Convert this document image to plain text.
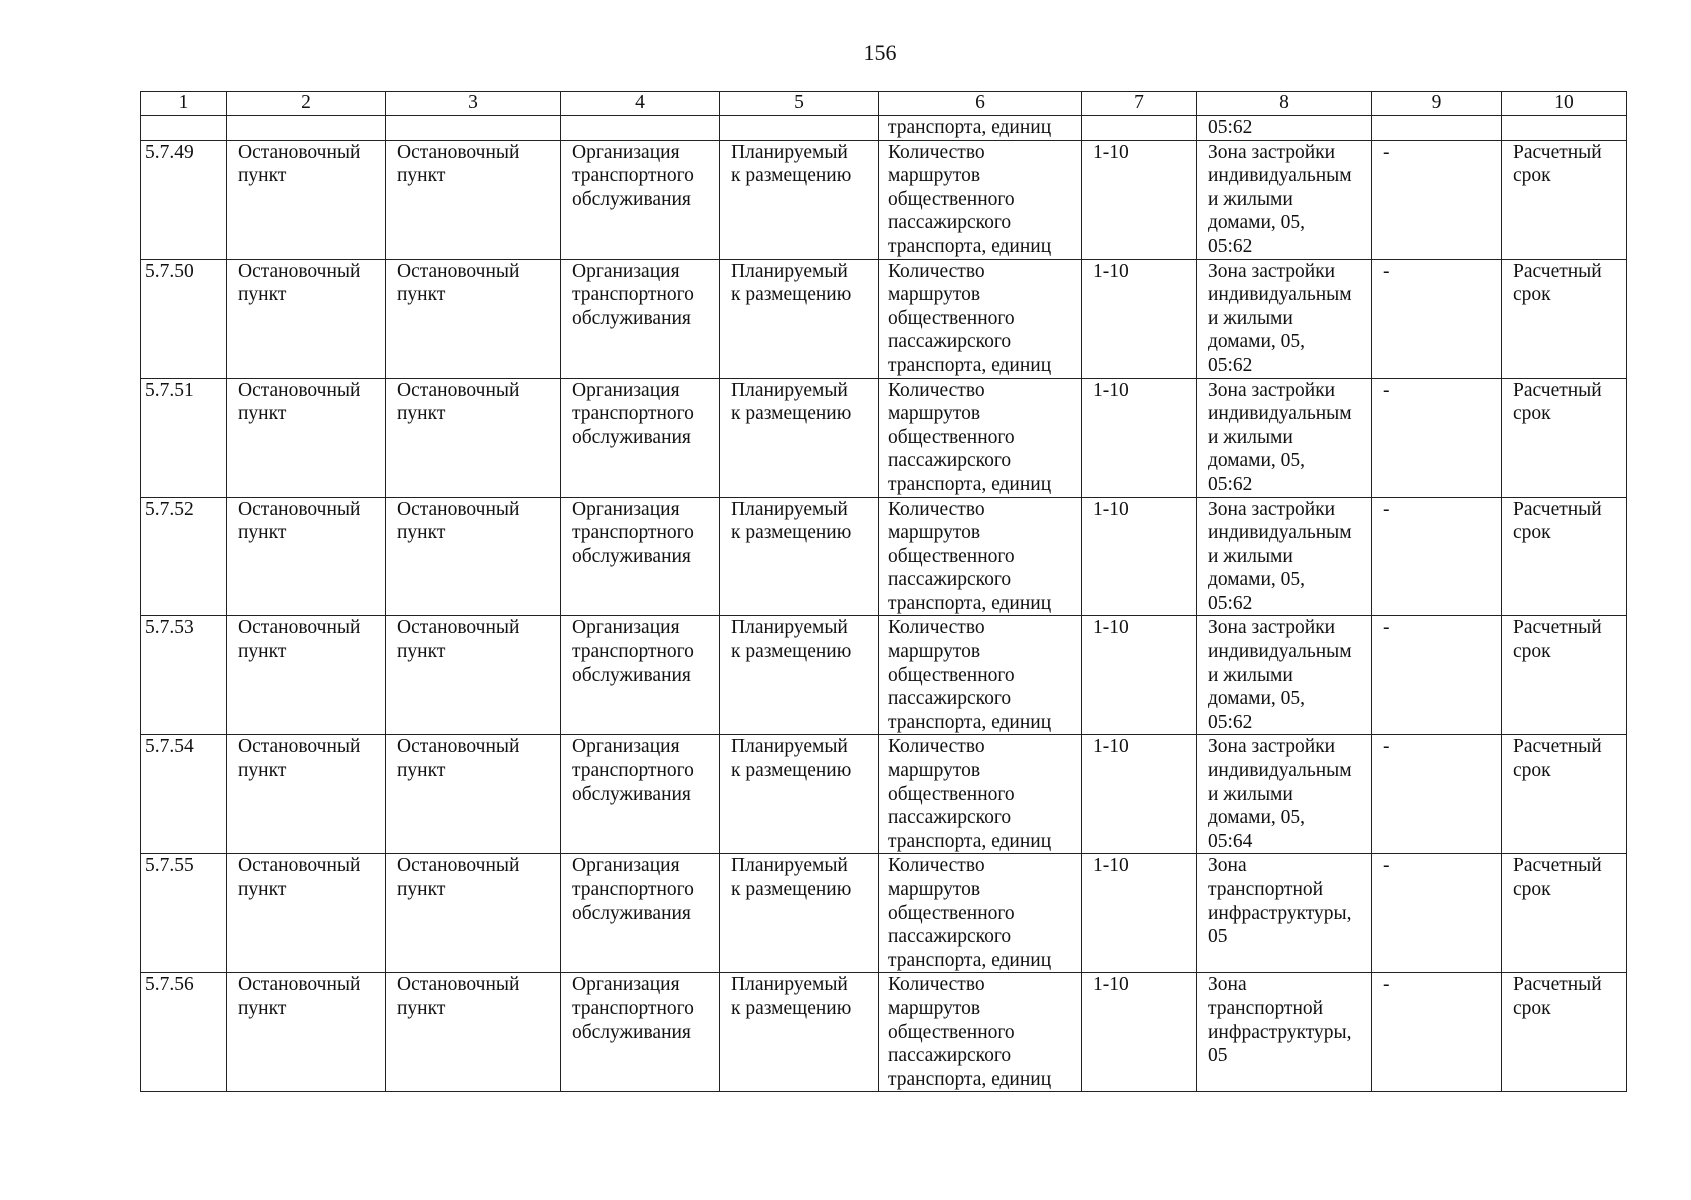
156
1	2	3	4	5	6	7	8	9	10
					транспорта, единиц		05:62		
5.7.49	Остановочный
пункт	Остановочный
пункт	Организация
транспортного
обслуживания	Планируемый
к размещению	Количество
маршрутов
общественного
пассажирского
транспорта, единиц	1-10	Зона застройки
индивидуальным
и жилыми
домами, 05,
05:62	-	Расчетный
срок
5.7.50	Остановочный
пункт	Остановочный
пункт	Организация
транспортного
обслуживания	Планируемый
к размещению	Количество
маршрутов
общественного
пассажирского
транспорта, единиц	1-10	Зона застройки
индивидуальным
и жилыми
домами, 05,
05:62	-	Расчетный
срок
5.7.51	Остановочный
пункт	Остановочный
пункт	Организация
транспортного
обслуживания	Планируемый
к размещению	Количество
маршрутов
общественного
пассажирского
транспорта, единиц	1-10	Зона застройки
индивидуальным
и жилыми
домами, 05,
05:62	-	Расчетный
срок
5.7.52	Остановочный
пункт	Остановочный
пункт	Организация
транспортного
обслуживания	Планируемый
к размещению	Количество
маршрутов
общественного
пассажирского
транспорта, единиц	1-10	Зона застройки
индивидуальным
и жилыми
домами, 05,
05:62	-	Расчетный
срок
5.7.53	Остановочный
пункт	Остановочный
пункт	Организация
транспортного
обслуживания	Планируемый
к размещению	Количество
маршрутов
общественного
пассажирского
транспорта, единиц	1-10	Зона застройки
индивидуальным
и жилыми
домами, 05,
05:62	-	Расчетный
срок
5.7.54	Остановочный
пункт	Остановочный
пункт	Организация
транспортного
обслуживания	Планируемый
к размещению	Количество
маршрутов
общественного
пассажирского
транспорта, единиц	1-10	Зона застройки
индивидуальным
и жилыми
домами, 05,
05:64	-	Расчетный
срок
5.7.55	Остановочный
пункт	Остановочный
пункт	Организация
транспортного
обслуживания	Планируемый
к размещению	Количество
маршрутов
общественного
пассажирского
транспорта, единиц	1-10	Зона
транспортной
инфраструктуры,
05	-	Расчетный
срок
5.7.56	Остановочный
пункт	Остановочный
пункт	Организация
транспортного
обслуживания	Планируемый
к размещению	Количество
маршрутов
общественного
пассажирского
транспорта, единиц	1-10	Зона
транспортной
инфраструктуры,
05	-	Расчетный
срок
